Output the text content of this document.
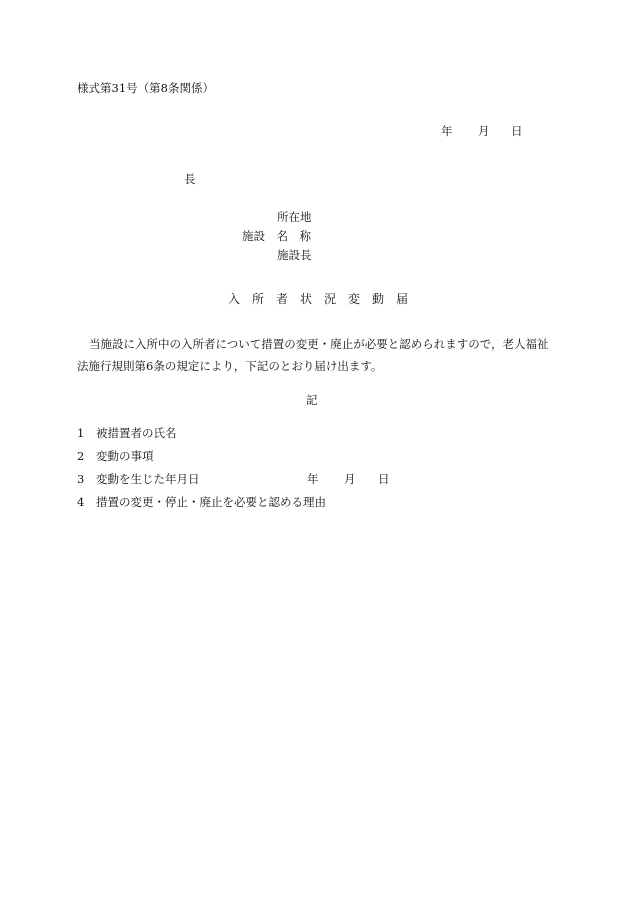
様式第31号（第8条関係）
年 月 日
長
所在地
施設　名　称
施設長
入　所　者　状　況　変　動　届
当施設に入所中の入所者について措置の変更・廃止が必要と認められますので，老人福祉法施行規則第6条の規定により，下記のとおり届け出ます。
記
1 被措置者の氏名
2 変動の事項
3 変動を生じた年月日	年 月 日
4 措置の変更・停止・廃止を必要と認める理由
